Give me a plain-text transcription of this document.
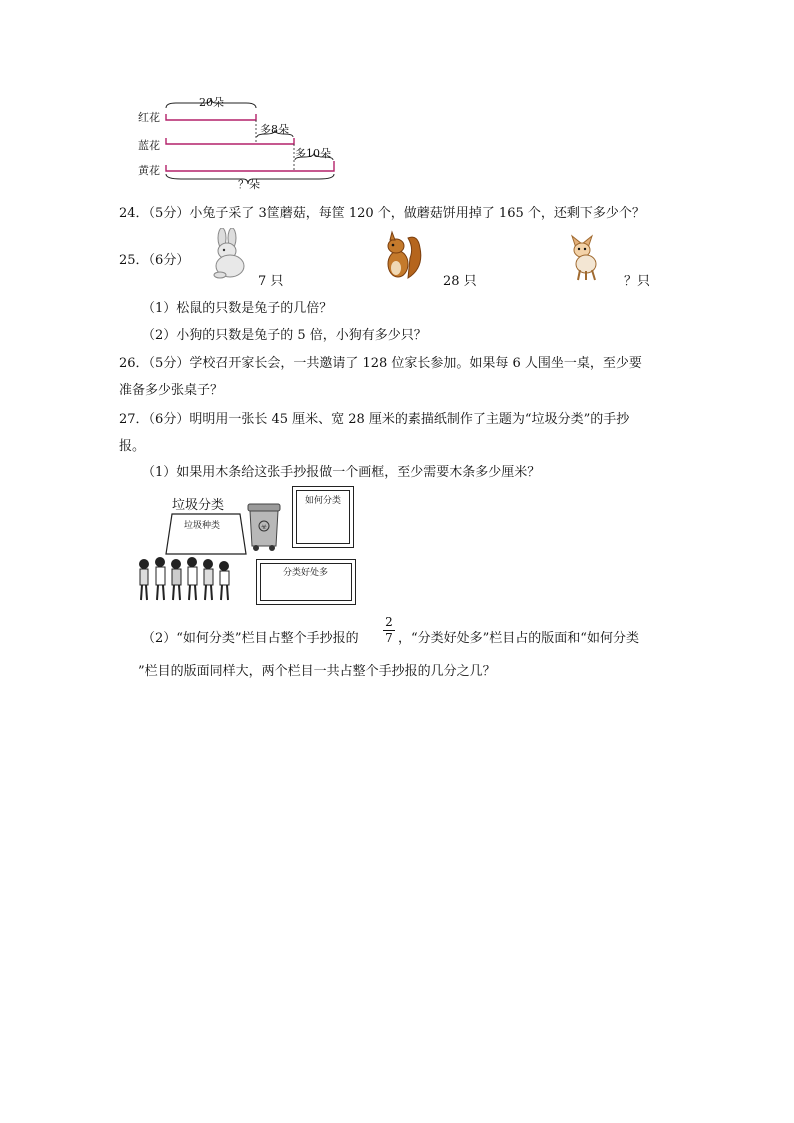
红花
蓝花
黄花
20朵
多8朵
多10朵
？朵
24．（5分）小兔子采了 3筐蘑菇，每筐 120 个，做蘑菇饼用掉了 165 个，还剩下多少个？
25．（6分）
7 只	28 只	？只
（1）松鼠的只数是兔子的几倍？
（2）小狗的只数是兔子的 5 倍，小狗有多少只？
26．（5分）学校召开家长会，一共邀请了 128 位家长参加。如果每 6 人围坐一桌，至少要
准备多少张桌子？
27．（6分）明明用一张长 45 厘米、宽 28 厘米的素描纸制作了主题为“垃圾分类”的手抄
报。
（1）如果用木条给这张手抄报做一个画框，至少需要木条多少厘米？
垃圾分类
垃圾种类	☣
如何分类
分类好处多
（2）“如何分类”栏目占整个手抄报的
2
7 ，“分类好处多”栏目占的版面和“如何分类
”栏目的版面同样大，两个栏目一共占整个手抄报的几分之几？
